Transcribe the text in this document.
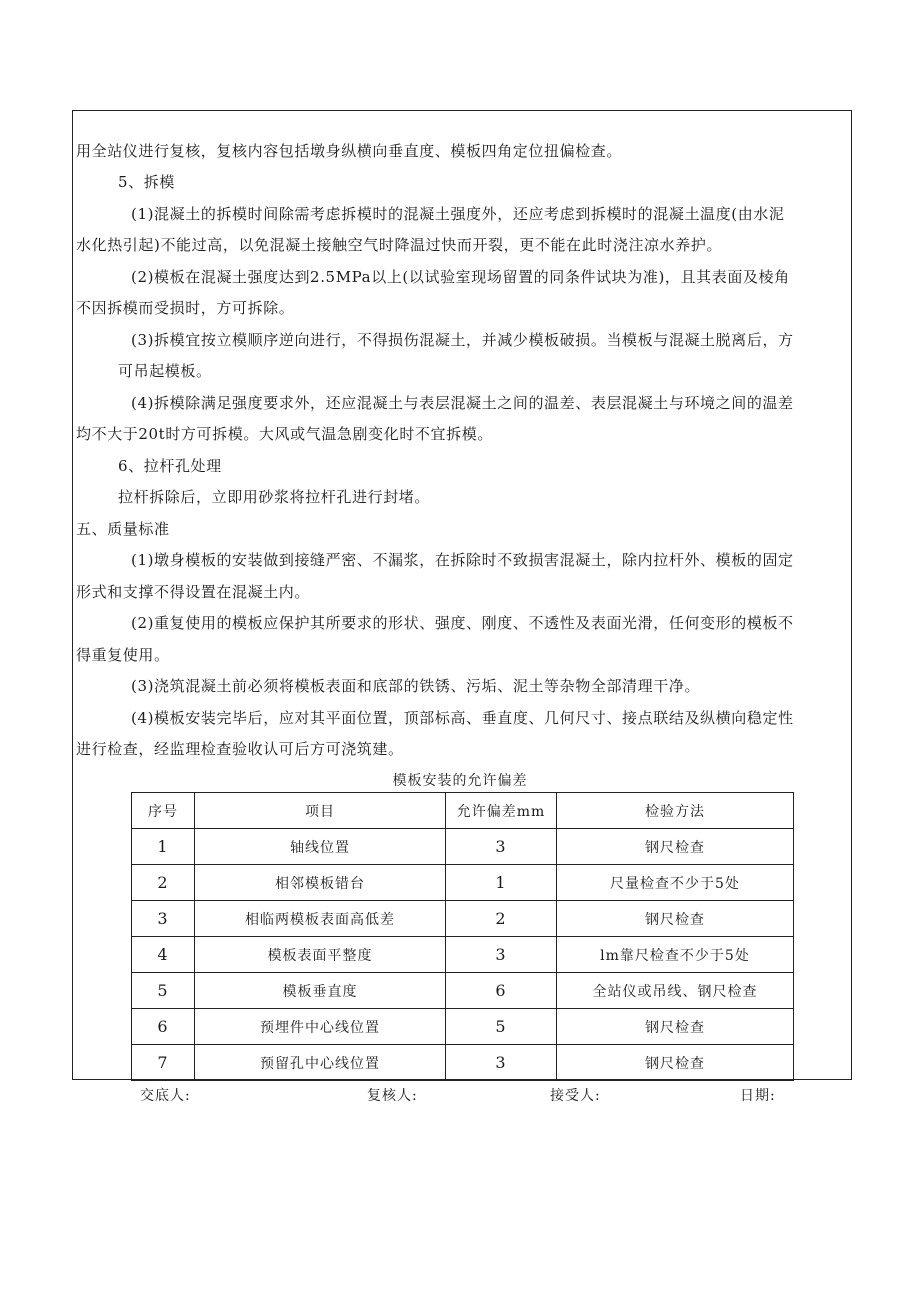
用全站仪进行复核，复核内容包括墩身纵横向垂直度、模板四角定位扭偏检查。
5、拆模
(1)混凝土的拆模时间除需考虑拆模时的混凝土强度外，还应考虑到拆模时的混凝土温度(由水泥
水化热引起)不能过高，以免混凝土接触空气时降温过快而开裂，更不能在此时浇注凉水养护。
(2)模板在混凝土强度达到2.5MPa以上(以试验室现场留置的同条件试块为准)，且其表面及棱角
不因拆模而受损时，方可拆除。
(3)拆模宜按立模顺序逆向进行，不得损伤混凝土，并减少模板破损。当模板与混凝土脱离后，方
可吊起模板。
(4)拆模除满足强度要求外，还应混凝土与表层混凝土之间的温差、表层混凝土与环境之间的温差
均不大于20t时方可拆模。大风或气温急剧变化时不宜拆模。
6、拉杆孔处理
拉杆拆除后，立即用砂浆将拉杆孔进行封堵。
五、质量标准
(1)墩身模板的安装做到接缝严密、不漏浆，在拆除时不致损害混凝土，除内拉杆外、模板的固定
形式和支撑不得设置在混凝土内。
(2)重复使用的模板应保护其所要求的形状、强度、刚度、不透性及表面光滑，任何变形的模板不
得重复使用。
(3)浇筑混凝土前必须将模板表面和底部的铁锈、污垢、泥土等杂物全部清理干净。
(4)模板安装完毕后，应对其平面位置，顶部标高、垂直度、几何尺寸、接点联结及纵横向稳定性
进行检查，经监理检查验收认可后方可浇筑建。
模板安装的允许偏差
序号	项目	允许偏差mm	检验方法
1	轴线位置	3	钢尺检查
2	相邻模板错台	1	尺量检查不少于5处
3	相临两模板表面高低差	2	钢尺检查
4	模板表面平整度	3	lm靠尺检查不少于5处
5	模板垂直度	6	全站仪或吊线、钢尺检查
6	预埋件中心线位置	5	钢尺检查
7	预留孔中心线位置	3	钢尺检查
交底人:	复核人:	接受人:	日期:
